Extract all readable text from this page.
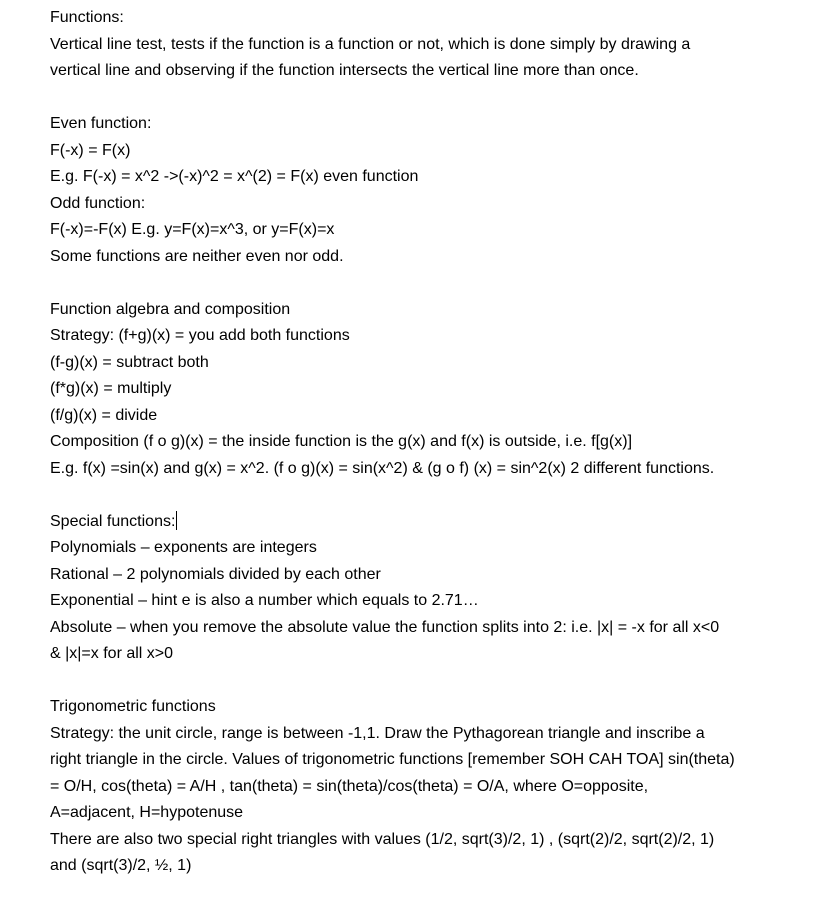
Functions:
Vertical line test, tests if the function is a function or not, which is done simply by drawing a
vertical line and observing if the function intersects the vertical line more than once.
Even function:
F(-x) = F(x)
E.g. F(-x) = x^2 ->(-x)^2 = x^(2) = F(x) even function
Odd function:
F(-x)=-F(x) E.g. y=F(x)=x^3, or y=F(x)=x
Some functions are neither even nor odd.
Function algebra and composition
Strategy: (f+g)(x) = you add both functions
(f-g)(x) = subtract both
(f*g)(x) = multiply
(f/g)(x) = divide
Composition (f o g)(x) = the inside function is the g(x) and f(x) is outside, i.e. f[g(x)]
E.g. f(x) =sin(x) and g(x) = x^2. (f o g)(x) = sin(x^2) & (g o f) (x) = sin^2(x) 2 different functions.
Special functions:
Polynomials – exponents are integers
Rational – 2 polynomials divided by each other
Exponential – hint e is also a number which equals to 2.71…
Absolute – when you remove the absolute value the function splits into 2: i.e. |x| = -x for all x<0
& |x|=x for all x>0
Trigonometric functions
Strategy: the unit circle, range is between -1,1. Draw the Pythagorean triangle and inscribe a
right triangle in the circle. Values of trigonometric functions [remember SOH CAH TOA] sin(theta)
= O/H, cos(theta) = A/H , tan(theta) = sin(theta)/cos(theta) = O/A, where O=opposite,
A=adjacent, H=hypotenuse
There are also two special right triangles with values (1/2, sqrt(3)/2, 1) , (sqrt(2)/2, sqrt(2)/2, 1)
and (sqrt(3)/2, ½, 1)
